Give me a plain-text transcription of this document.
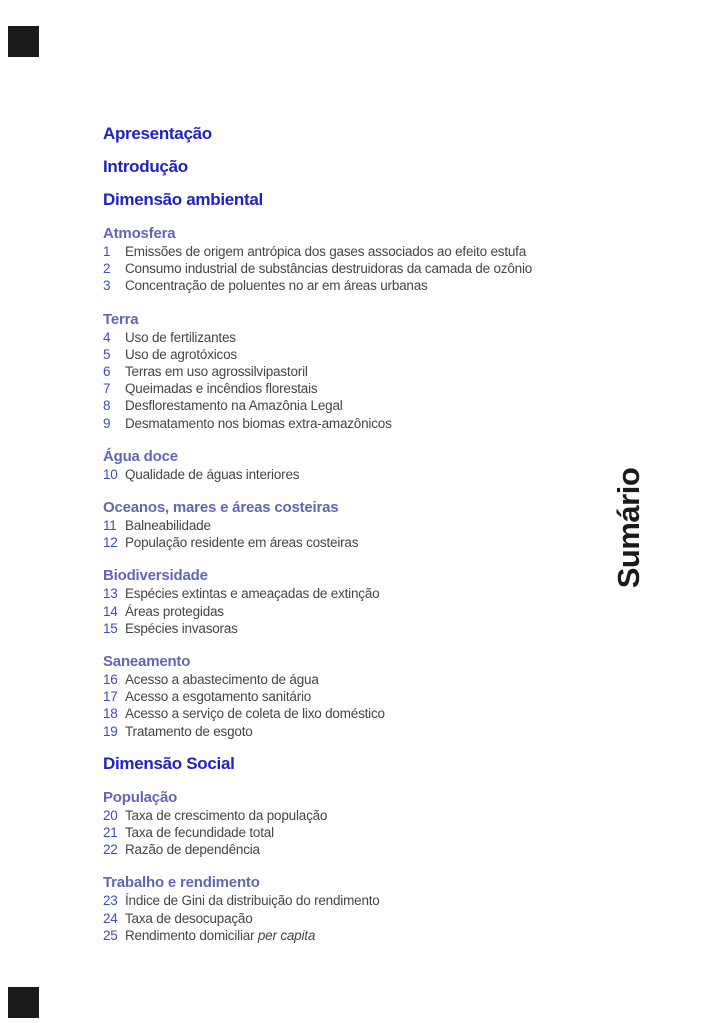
Sumário
Apresentação
Introdução
Dimensão ambiental
Atmosfera
1 Emissões de origem antrópica dos gases associados ao efeito estufa
2 Consumo industrial de substâncias destruidoras da camada de ozônio
3 Concentração de poluentes no ar em áreas urbanas
Terra
4 Uso de fertilizantes
5 Uso de agrotóxicos
6 Terras em uso agrossilvipastoril
7 Queimadas e incêndios florestais
8 Desflorestamento na Amazônia Legal
9 Desmatamento nos biomas extra-amazônicos
Água doce
10 Qualidade de águas interiores
Oceanos, mares e áreas costeiras
11 Balneabilidade
12 População residente em áreas costeiras
Biodiversidade
13 Espécies extintas e ameaçadas de extinção
14 Áreas protegidas
15 Espécies invasoras
Saneamento
16 Acesso a abastecimento de água
17 Acesso a esgotamento sanitário
18 Acesso a serviço de coleta de lixo doméstico
19 Tratamento de esgoto
Dimensão Social
População
20 Taxa de crescimento da população
21 Taxa de fecundidade total
22 Razão de dependência
Trabalho e rendimento
23 Índice de Gini da distribuição do rendimento
24 Taxa de desocupação
25 Rendimento domiciliar per capita
